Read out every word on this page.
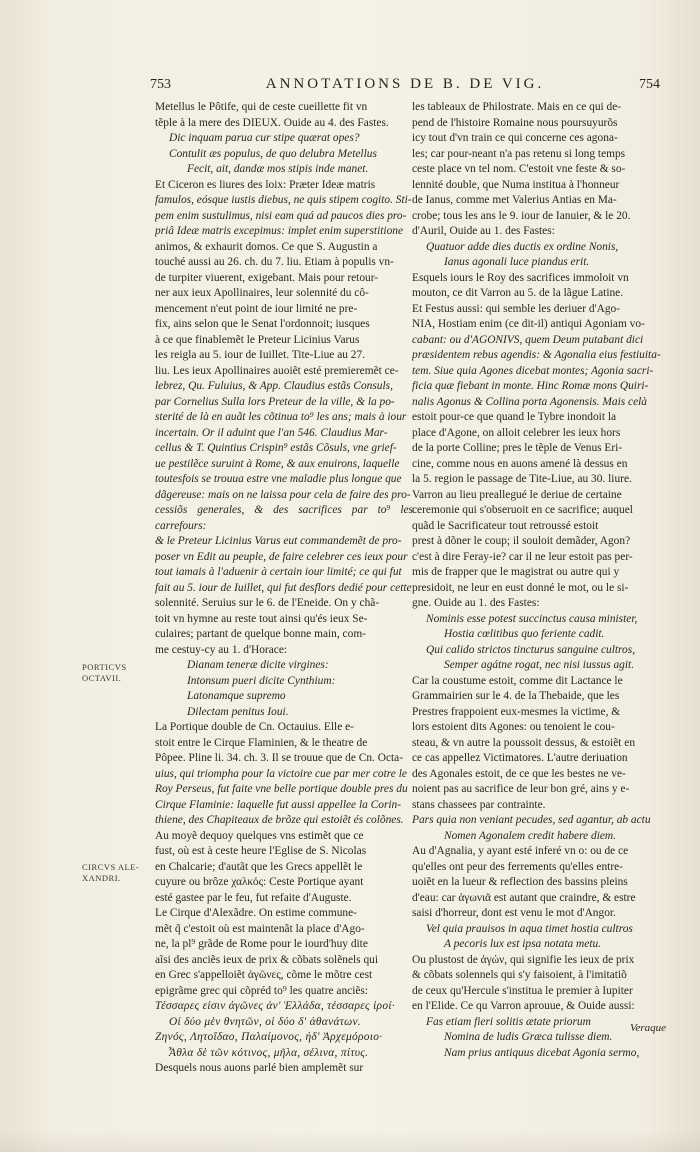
753	ANNOTATIONS DE B. DE VIG.	754
PORTICVS OCTAVII.
CIRCVS ALE-XANDRI.

Metellus le Pôtife, qui de ceste cueillette fit vn

tẽple à la mere des DIEUX. Ouide au 4. des Fastes.

Dic inquam parua cur stipe quærat opes?

Contulit æs populus, de quo delubra Metellus

Fecit, ait, dandæ mos stipis inde manet.

Et Ciceron es liures des loix: Præter Ideæ matris

famulos, eósque iustis diebus, ne quis stipem cogito. Sti-

pem enim sustulimus, nisi eam quá ad paucos dies pro-

priâ Ideæ matris excepimus: implet enim superstitione

animos, & exhaurit domos. Ce que S. Augustin a

touché aussi au 26. ch. du 7. liu. Etiam à populis vn-

de turpiter viuerent, exigebant. Mais pour retour-

ner aux ieux Apollinaires, leur solennité du cô-

mencement n'eut point de iour limité ne pre-

fix, ains selon que le Senat l'ordonnoit; iusques

à ce que finablemẽt le Preteur Licinius Varus

les reigla au 5. iour de Iuillet. Tite-Liue au 27.

liu. Les ieux Apollinaires auoiẽt esté premieremẽt ce-

lebrez, Qu. Fuluius, & App. Claudius estãs Consuls,

par Cornelius Sulla lors Preteur de la ville, & la po-

sterité de là en auãt les cõtinua to⁹ les ans; mais à iour

incertain. Or il aduint que l'an 546. Claudius Mar-

cellus & T. Quintius Crispin⁹ estãs Cõsuls, vne grief-

ue pestilẽce suruint à Rome, & aux enuirons, laquelle

toutesfois se trouua estre vne maladie plus longue que

dãgereuse: mais on ne laissa pour cela de faire des pro-

cessiõs generales, & des sacrifices par to⁹ les carrefours:

& le Preteur Licinius Varus eut commandemẽt de pro-

poser vn Edit au peuple, de faire celebrer ces ieux pour

tout iamais à l'aduenir à certain iour limité; ce qui fut

fait au 5. iour de Iuillet, qui fut desflors dedié pour cette

solennité. Seruius sur le 6. de l'Eneide. On y chã-

toit vn hymne au reste tout ainsi qu'és ieux Se-

culaires; partant de quelque bonne main, com-

me cestuy-cy au 1. d'Horace:

Dianam teneræ dicite virgines:

Intonsum pueri dicite Cynthium:

Latonamque supremo

Dilectam penitus Ioui.

La Portique double de Cn. Octauius. Elle e-

stoit entre le Cirque Flaminien, & le theatre de

Pôpee. Pline li. 34. ch. 3. Il se trouue que de Cn. Octa-

uius, qui triompha pour la victoire cue par mer cotre le

Roy Perseus, fut faite vne belle portique double pres du

Cirque Flaminie: laquelle fut aussi appellee la Corin-

thiene, des Chapiteaux de brõze qui estoiẽt és colõnes.

Au moyẽ dequoy quelques vns estimẽt que ce

fust, où est à ceste heure l'Eglise de S. Nicolas

en Chalcarie; d'autãt que les Grecs appellẽt le

cuyure ou brôze χαλκός: Ceste Portique ayant

esté gastee par le feu, fut refaite d'Auguste.

Le Cirque d'Alexãdre. On estime commune-

mẽt q̃ c'estoit où est maintenãt la place d'Ago-

ne, la pl⁹ grãde de Rome pour le iourd'huy dite

aĩsi des anciẽs ieux de prix & cõbats solẽnels qui

en Grec s'appelloiẽt ἀγῶνες, cõme le mõtre cest

epigrãme grec qui cõpréd to⁹ les quatre anciẽs:

Τέσσαρες εἰσιν ἀγῶνες ἀν' Ἑλλάδα, τέσσαρες ἱροί·

Οἱ δύο μὲν θνητῶν, οἱ δύο δ' ἀθανάτων.

Ζηνός, Λητοΐδαο, Παλαίμονος, ἠδ' Ἀρχεμόροιο·

Ἆθλα δὲ τῶν κότινος, μῆλα, σέλινα, πίτυς.

Desquels nous auons parlé bien amplemẽt sur

les tableaux de Philostrate. Mais en ce qui de-

pend de l'histoire Romaine nous poursuyurõs

icy tout d'vn train ce qui concerne ces agona-

les; car pour-neant n'a pas retenu si long temps

ceste place vn tel nom. C'estoit vne feste & so-

lennité double, que Numa institua à l'honneur

de Ianus, comme met Valerius Antias en Ma-

crobe; tous les ans le 9. iour de Ianuier, & le 20.

d'Auril, Ouide au 1. des Fastes:

Quatuor adde dies ductis ex ordine Nonis,

Ianus agonali luce piandus erit.

Esquels iours le Roy des sacrifices immoloit vn

mouton, ce dit Varron au 5. de la lãgue Latine.

Et Festus aussi: qui semble les deriuer d'Ago-

NIA, Hostiam enim (ce dit-il) antiqui Agoniam vo-

cabant: ou d'AGONIVS, quem Deum putabant dici

præsidentem rebus agendis: & Agonalia eius festiuita-

tem. Siue quia Agones dicebat montes; Agonia sacri-

ficia quæ fiebant in monte. Hinc Romæ mons Quiri-

nalis Agonus & Collina porta Agonensis. Mais celà

estoit pour-ce que quand le Tybre inondoit la

place d'Agone, on alloit celebrer les ieux hors

de la porte Colline; pres le tẽple de Venus Eri-

cine, comme nous en auons amené là dessus en

la 5. region le passage de Tite-Liue, au 30. liure.

Varron au lieu preallegué le deriue de certaine

ceremonie qui s'obseruoit en ce sacrifice; auquel

quãd le Sacrificateur tout retroussé estoit

prest à dõner le coup; il souloit demãder, Agon?

c'est à dire Feray-ie? car il ne leur estoit pas per-

mis de frapper que le magistrat ou autre qui y

presidoit, ne leur en eust donné le mot, ou le si-

gne. Ouide au 1. des Fastes:

Nominis esse potest succinctus causa minister,

Hostia cœlitibus quo feriente cadit.

Qui calido strictos tincturus sanguine cultros,

Semper agátne rogat, nec nisi iussus agit.

Car la coustume estoit, comme dit Lactance le

Grammairien sur le 4. de la Thebaide, que les

Prestres frappoient eux-mesmes la victime, &

lors estoient dits Agones: ou tenoient le cou-

steau, & vn autre la poussoit dessus, & estoiẽt en

ce cas appellez Victimatores. L'autre deriuation

des Agonales estoit, de ce que les bestes ne ve-

noient pas au sacrifice de leur bon gré, ains y e-

stans chassees par contrainte.

Pars quia non veniant pecudes, sed agantur, ab actu

Nomen Agonalem credit habere diem.

Au d'Agnalia, y ayant esté inferé vn o: ou de ce

qu'elles ont peur des ferrements qu'elles entre-

uoiẽt en la lueur & reflection des bassins pleins

d'eau: car ἀγωνιᾶ est autant que craindre, & estre

saisi d'horreur, dont est venu le mot d'Angor.

Vel quia prauisos in aqua timet hostia cultros

A pecoris lux est ipsa notata metu.

Ou plustost de ἀγών, qui signifie les ieux de prix

& cõbats solennels qui s'y faisoient, à l'imitatiõ

de ceux qu'Hercule s'institua le premier à Iupiter

en l'Elide. Ce qu Varron aprouue, & Ouide aussi:

Fas etiam fieri solitis ætate priorum

Nomina de ludis Græca tulisse diem.

Nam prius antiquus dicebat Agonia sermo,

Veraque
